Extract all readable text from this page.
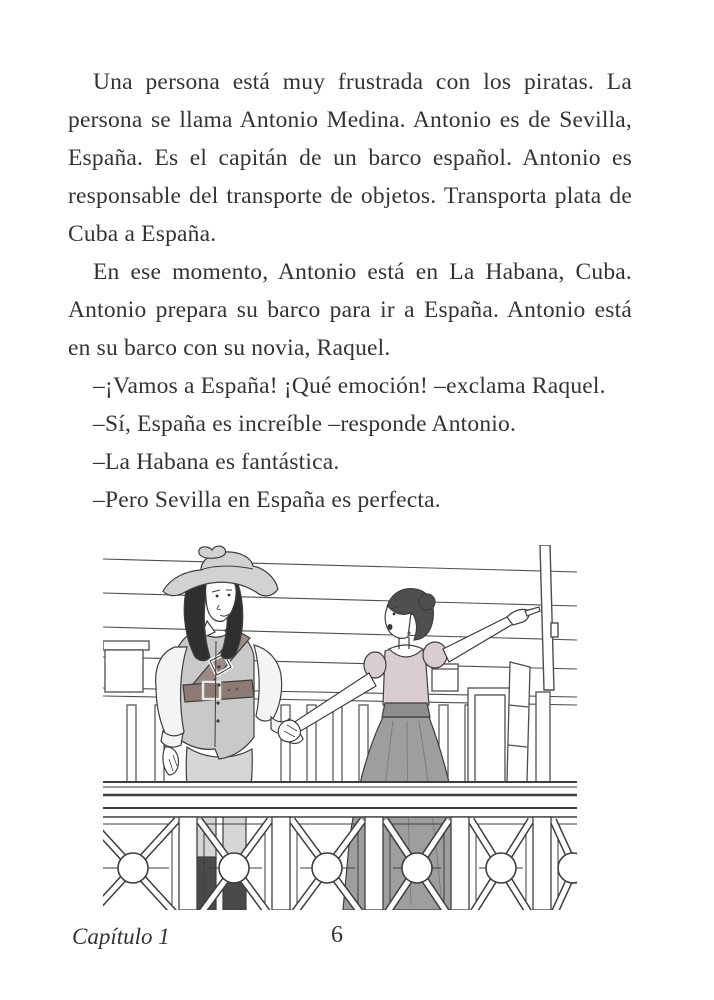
Una persona está muy frustrada con los piratas. La persona se llama Antonio Medina. Antonio es de Sevilla, España. Es el capitán de un barco español. Antonio es responsable del transporte de objetos. Transporta plata de Cuba a España.

En ese momento, Antonio está en La Habana, Cuba. Antonio prepara su barco para ir a España. Antonio está en su barco con su novia, Raquel.

–¡Vamos a España! ¡Qué emoción! –exclama Raquel.

–Sí, España es increíble –responde Antonio.

–La Habana es fantástica.

–Pero Sevilla en España es perfecta.

Capítulo 1	6
